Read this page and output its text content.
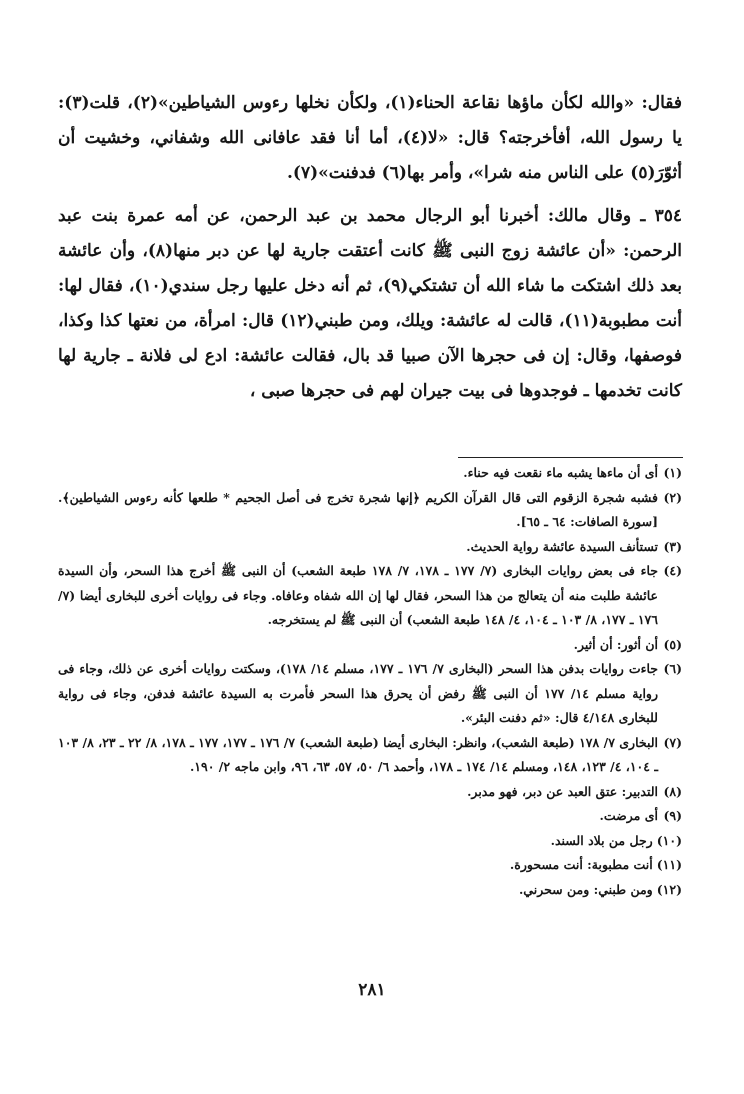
فقال: «والله لكأن ماؤها نقاعة الحناء(١)، ولكأن نخلها رءوس الشياطين»(٢)، قلت(٣): يا رسول الله، أفأخرجته؟ قال: «لا(٤)، أما أنا فقد عافانى الله وشفاني، وخشيت أن أثوّرَ(٥) على الناس منه شرا»، وأمر بها(٦) فدفنت»(٧).

٣٥٤ ـ وقال مالك: أخبرنا أبو الرجال محمد بن عبد الرحمن، عن أمه عمرة بنت عبد الرحمن: «أن عائشة زوج النبى ﷺ كانت أعتقت جارية لها عن دبر منها(٨)، وأن عائشة بعد ذلك اشتكت ما شاء الله أن تشتكي(٩)، ثم أنه دخل عليها رجل سندي(١٠)، فقال لها: أنت مطبوبة(١١)، قالت له عائشة: ويلك، ومن طبني(١٢) قال: امرأة، من نعتها كذا وكذا، فوصفها، وقال: إن فى حجرها الآن صبيا قد بال، فقالت عائشة: ادع لى فلانة ـ جارية لها كانت تخدمها ـ فوجدوها فى بيت جيران لهم فى حجرها صبى ،

(١)أى أن ماءها يشبه ماء نقعت فيه حناء.

(٢)فشبه شجرة الزقوم التى قال القرآن الكريم ﴿إنها شجرة تخرج فى أصل الجحيم * طلعها كأنه رءوس الشياطين﴾. [سورة الصافات: ٦٤ ـ ٦٥].

(٣)تستأنف السيدة عائشة رواية الحديث.

(٤)جاء فى بعض روايات البخارى (٧/ ١٧٧ ـ ١٧٨، ٧/ ١٧٨ طبعة الشعب) أن النبى ﷺ أخرج هذا السحر، وأن السيدة عائشة طلبت منه أن يتعالج من هذا السحر، فقال لها إن الله شفاه وعافاه. وجاء فى روايات أخرى للبخارى أيضا (٧/ ١٧٦ ـ ١٧٧، ٨/ ١٠٣ ـ ١٠٤، ٤/ ١٤٨ طبعة الشعب) أن النبى ﷺ لم يستخرجه.

(٥)أن أثور: أن أثير.

(٦)جاءت روايات بدفن هذا السحر (البخارى ٧/ ١٧٦ ـ ١٧٧، مسلم ١٤/ ١٧٨)، وسكتت روايات أخرى عن ذلك، وجاء فى رواية مسلم ١٤/ ١٧٧ أن النبى ﷺ رفض أن يحرق هذا السحر فأمرت به السيدة عائشة فدفن، وجاء فى رواية للبخارى ٤/١٤٨ قال: «ثم دفنت البئر».

(٧)البخارى ٧/ ١٧٨ (طبعة الشعب)، وانظر: البخارى أيضا (طبعة الشعب) ٧/ ١٧٦ ـ ١٧٧، ١٧٧ ـ ١٧٨، ٨/ ٢٢ ـ ٢٣، ٨/ ١٠٣ ـ ١٠٤، ٤/ ١٢٣، ١٤٨، ومسلم ١٤/ ١٧٤ ـ ١٧٨، وأحمد ٦/ ٥٠، ٥٧، ٦٣، ٩٦، وابن ماجه ٢/ ١٩٠.

(٨)التدبير: عتق العبد عن دبر، فهو مدبر.

(٩)أى مرضت.

(١٠)رجل من بلاد السند.

(١١)أنت مطبوبة: أنت مسحورة.

(١٢)ومن طبني: ومن سحرني.

٢٨١
